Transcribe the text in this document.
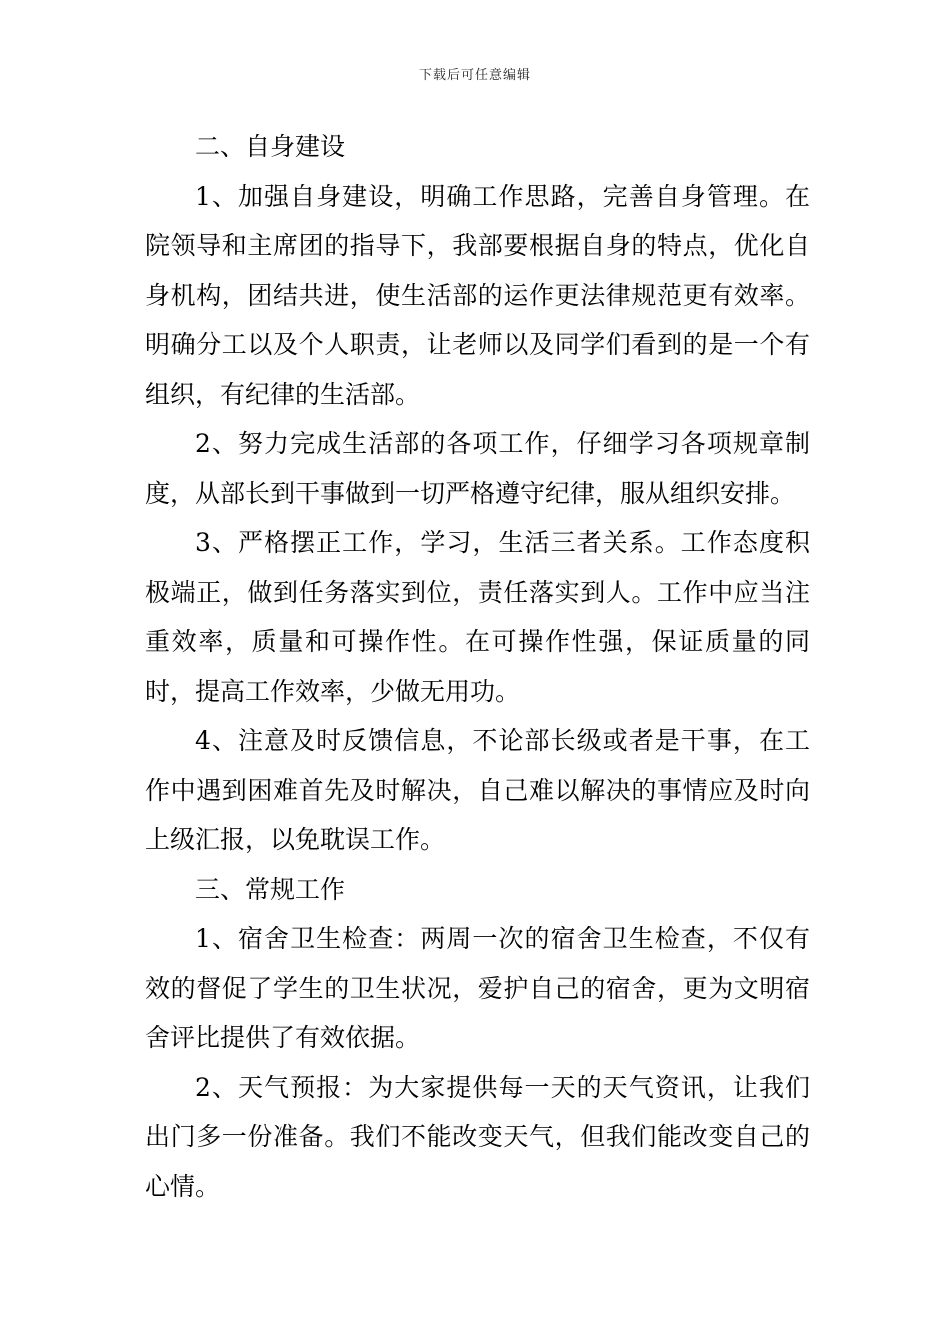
下载后可任意编辑

二、自身建设

1、加强自身建设，明确工作思路，完善自身管理。在院领导和主席团的指导下，我部要根据自身的特点，优化自身机构，团结共进，使生活部的运作更法律规范更有效率。明确分工以及个人职责，让老师以及同学们看到的是一个有组织，有纪律的生活部。

2、努力完成生活部的各项工作，仔细学习各项规章制度，从部长到干事做到一切严格遵守纪律，服从组织安排。

3、严格摆正工作，学习，生活三者关系。工作态度积极端正，做到任务落实到位，责任落实到人。工作中应当注重效率，质量和可操作性。在可操作性强，保证质量的同时，提高工作效率，少做无用功。

4、注意及时反馈信息，不论部长级或者是干事，在工作中遇到困难首先及时解决，自己难以解决的事情应及时向上级汇报，以免耽误工作。

三、常规工作

1、宿舍卫生检查：两周一次的宿舍卫生检查，不仅有效的督促了学生的卫生状况，爱护自己的宿舍，更为文明宿舍评比提供了有效依据。

2、天气预报：为大家提供每一天的天气资讯，让我们出门多一份准备。我们不能改变天气，但我们能改变自己的心情。
